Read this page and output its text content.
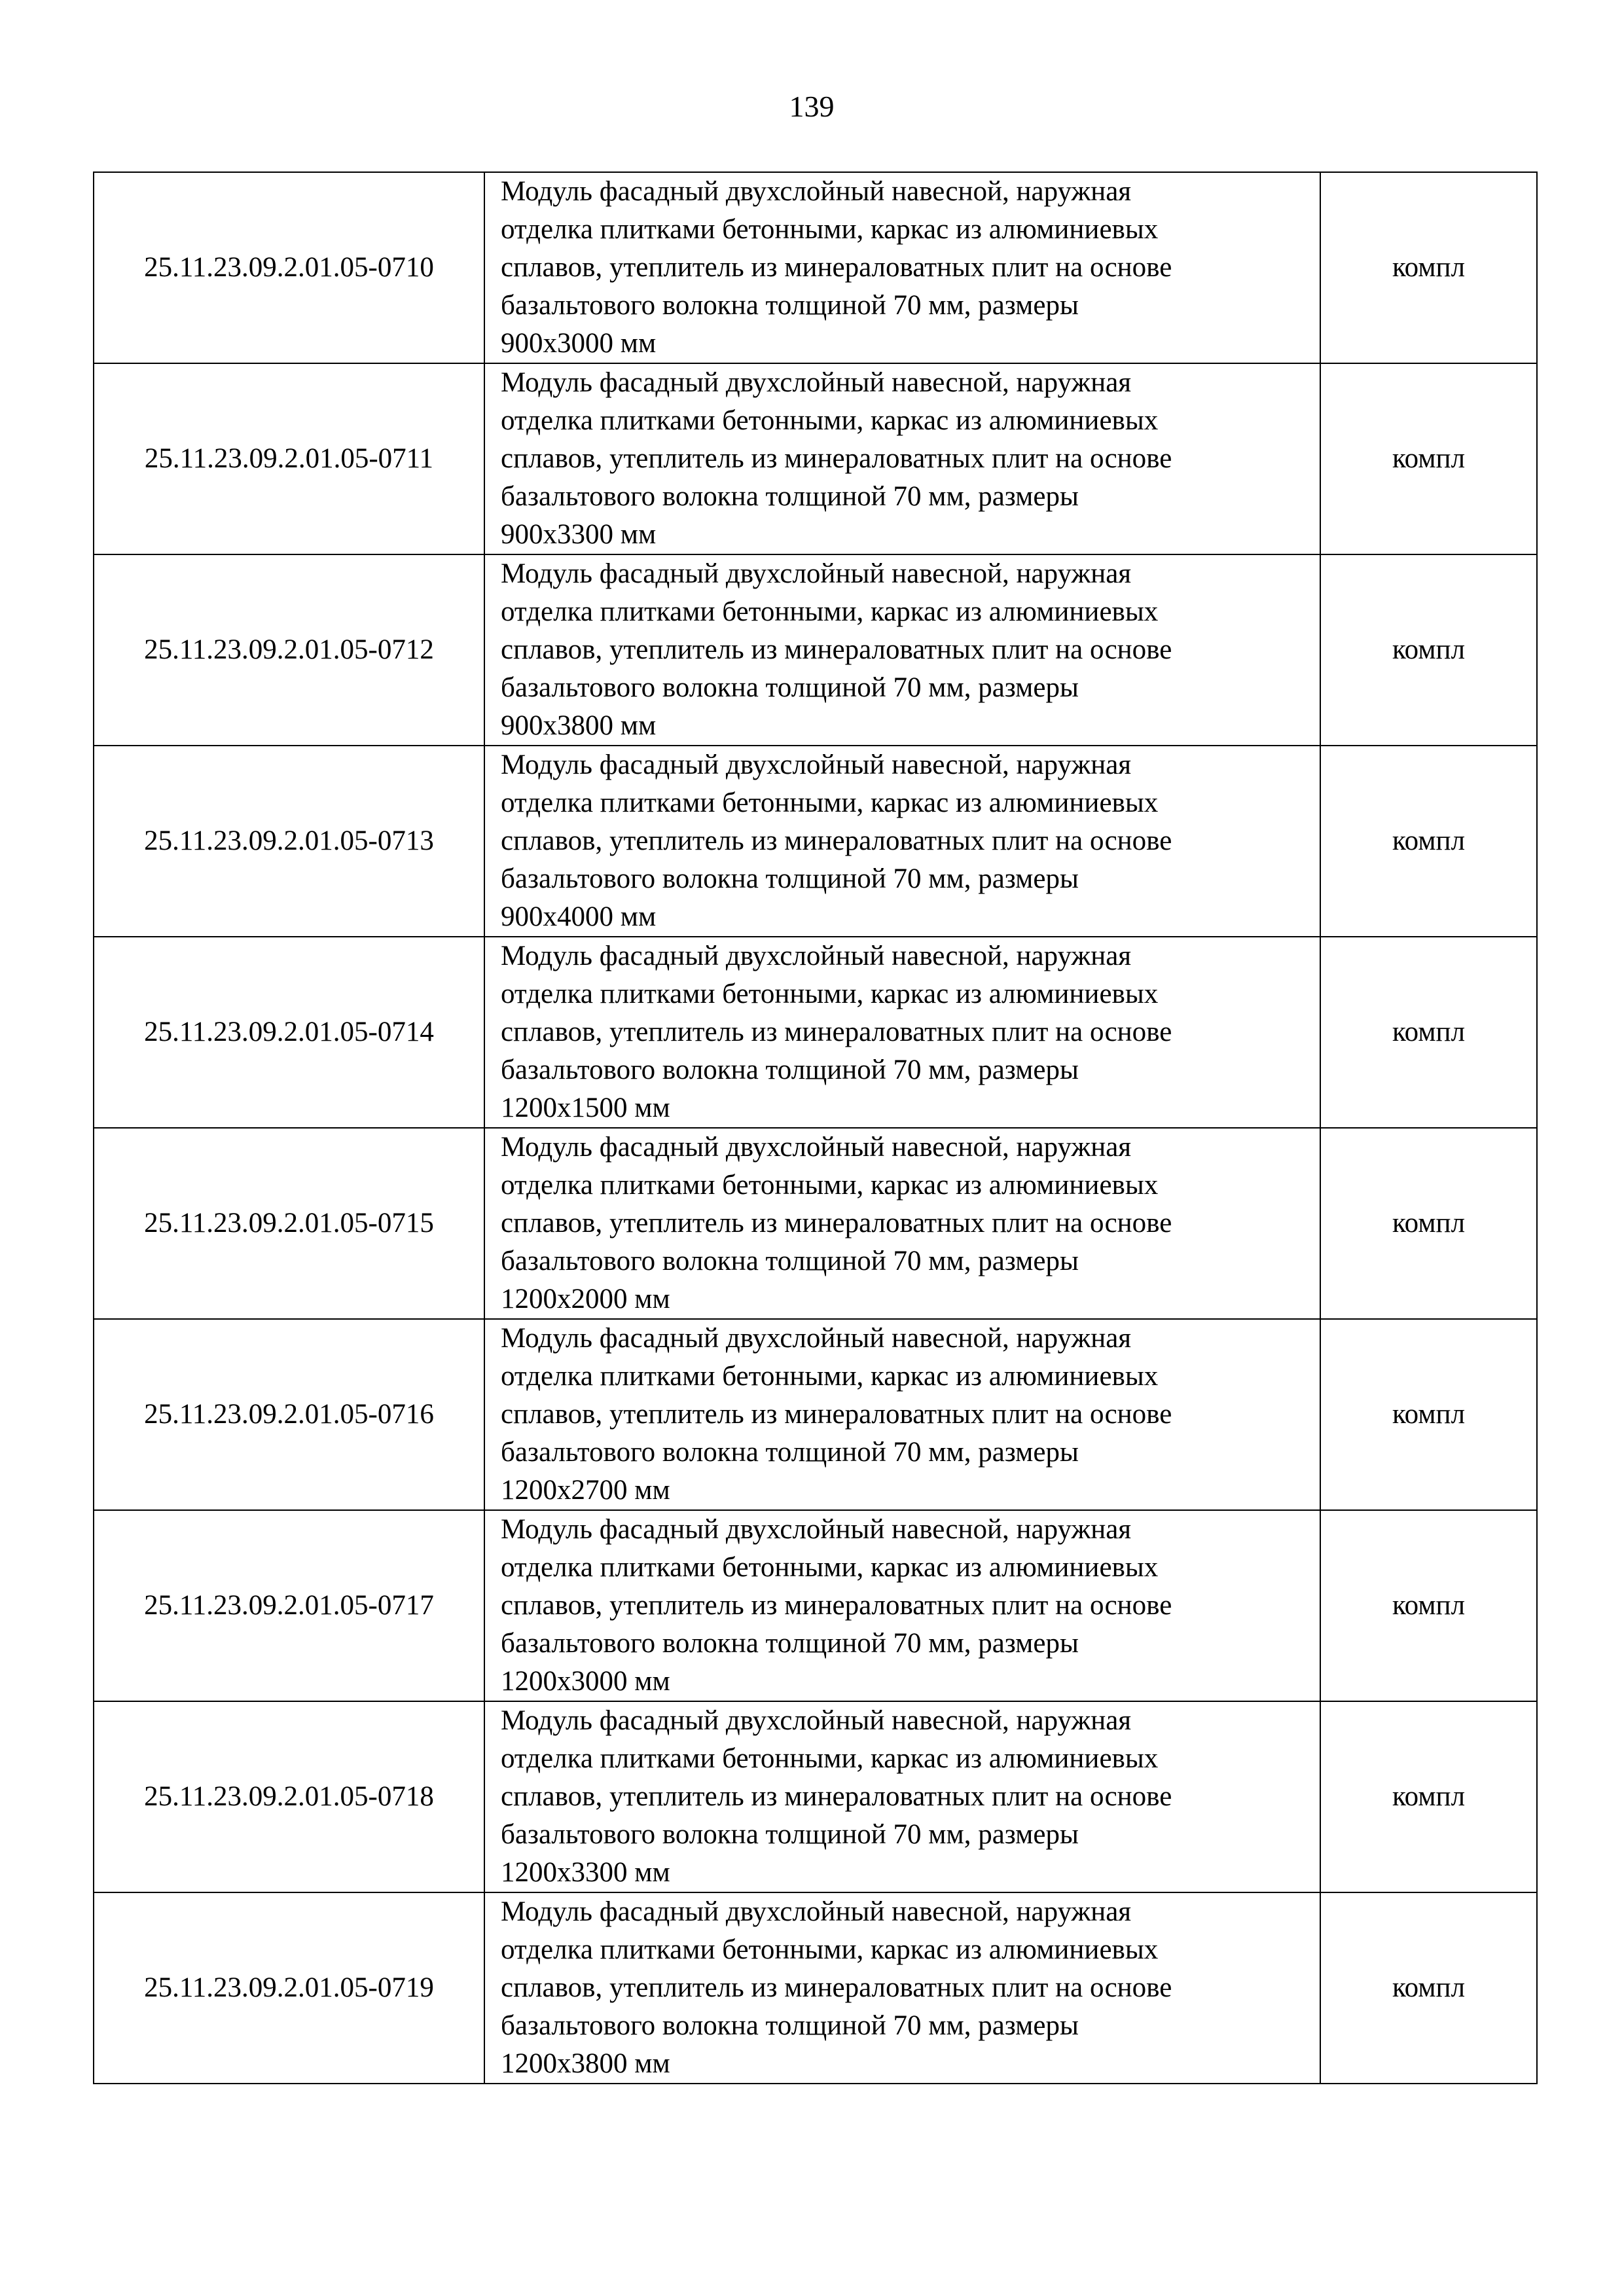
139
25.11.23.09.2.01.05-0710	Модуль фасадный двухслойный навесной, наружная
отделка плитками бетонными, каркас из алюминиевых
сплавов, утеплитель из минераловатных плит на основе
базальтового волокна толщиной 70 мм, размеры
900х3000 мм	компл
25.11.23.09.2.01.05-0711	Модуль фасадный двухслойный навесной, наружная
отделка плитками бетонными, каркас из алюминиевых
сплавов, утеплитель из минераловатных плит на основе
базальтового волокна толщиной 70 мм, размеры
900х3300 мм	компл
25.11.23.09.2.01.05-0712	Модуль фасадный двухслойный навесной, наружная
отделка плитками бетонными, каркас из алюминиевых
сплавов, утеплитель из минераловатных плит на основе
базальтового волокна толщиной 70 мм, размеры
900х3800 мм	компл
25.11.23.09.2.01.05-0713	Модуль фасадный двухслойный навесной, наружная
отделка плитками бетонными, каркас из алюминиевых
сплавов, утеплитель из минераловатных плит на основе
базальтового волокна толщиной 70 мм, размеры
900х4000 мм	компл
25.11.23.09.2.01.05-0714	Модуль фасадный двухслойный навесной, наружная
отделка плитками бетонными, каркас из алюминиевых
сплавов, утеплитель из минераловатных плит на основе
базальтового волокна толщиной 70 мм, размеры
1200х1500 мм	компл
25.11.23.09.2.01.05-0715	Модуль фасадный двухслойный навесной, наружная
отделка плитками бетонными, каркас из алюминиевых
сплавов, утеплитель из минераловатных плит на основе
базальтового волокна толщиной 70 мм, размеры
1200х2000 мм	компл
25.11.23.09.2.01.05-0716	Модуль фасадный двухслойный навесной, наружная
отделка плитками бетонными, каркас из алюминиевых
сплавов, утеплитель из минераловатных плит на основе
базальтового волокна толщиной 70 мм, размеры
1200х2700 мм	компл
25.11.23.09.2.01.05-0717	Модуль фасадный двухслойный навесной, наружная
отделка плитками бетонными, каркас из алюминиевых
сплавов, утеплитель из минераловатных плит на основе
базальтового волокна толщиной 70 мм, размеры
1200х3000 мм	компл
25.11.23.09.2.01.05-0718	Модуль фасадный двухслойный навесной, наружная
отделка плитками бетонными, каркас из алюминиевых
сплавов, утеплитель из минераловатных плит на основе
базальтового волокна толщиной 70 мм, размеры
1200х3300 мм	компл
25.11.23.09.2.01.05-0719	Модуль фасадный двухслойный навесной, наружная
отделка плитками бетонными, каркас из алюминиевых
сплавов, утеплитель из минераловатных плит на основе
базальтового волокна толщиной 70 мм, размеры
1200х3800 мм	компл
